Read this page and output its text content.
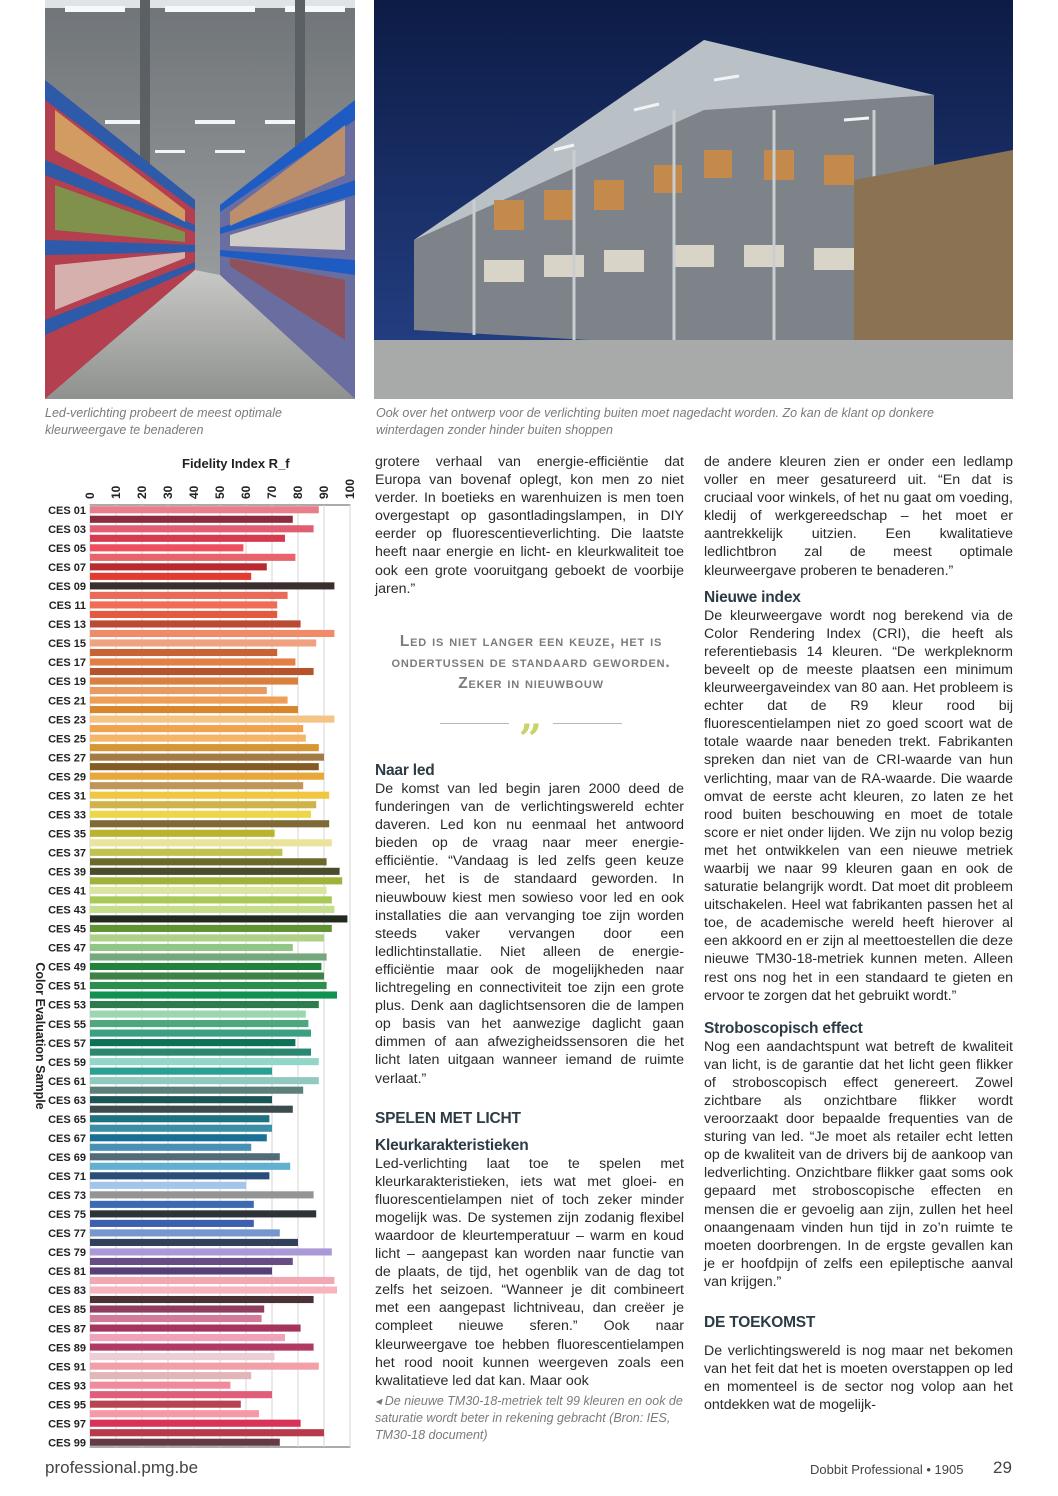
Led-verlichting probeert de meest optimale kleurweergave te benaderen
Ook over het ontwerp voor de verlichting buiten moet nagedacht worden. Zo kan de klant op donkere winterdagen zonder hinder buiten shoppen
Fidelity Index R_f
0 10 20 30 40 50 60 70 80 90 100
CES 01
CES 03
CES 05
CES 07
CES 09
CES 11
CES 13
CES 15
CES 17
CES 19
CES 21
CES 23
CES 25
CES 27
CES 29
CES 31
CES 33
CES 35
CES 37
CES 39
CES 41
CES 43
CES 45
CES 47
CES 49
CES 51
CES 53
CES 55
CES 57
CES 59
CES 61
CES 63
CES 65
CES 67
CES 69
CES 71
CES 73
CES 75
CES 77
CES 79
CES 81
CES 83
CES 85
CES 87
CES 89
CES 91
CES 93
CES 95
CES 97
CES 99
Color Evaluation Sample
◂ De nieuwe TM30-18-metriek telt 99 kleuren en ook de saturatie wordt beter in rekening gebracht (Bron: IES, TM30-18 document)

grotere verhaal van energie-efficiëntie dat Europa van bovenaf oplegt, kon men zo niet verder. In boetieks en warenhuizen is men toen overgestapt op gasontladingslampen, in DIY eerder op fluorescentieverlichting. Die laatste heeft naar energie en licht- en kleurkwaliteit toe ook een grote vooruitgang geboekt de voorbije jaren.”

Led is niet langer een keuze, het is ondertussen de standaard geworden. Zeker in nieuwbouw
„
Naar led

De komst van led begin jaren 2000 deed de funderingen van de verlichtingswereld echter daveren. Led kon nu eenmaal het antwoord bieden op de vraag naar meer energie-efficiëntie. “Vandaag is led zelfs geen keuze meer, het is de standaard geworden. In nieuwbouw kiest men sowieso voor led en ook installaties die aan vervanging toe zijn worden steeds vaker vervangen door een ledlichtinstallatie. Niet alleen de energie-efficiëntie maar ook de mogelijkheden naar lichtregeling en connectiviteit toe zijn een grote plus. Denk aan daglichtsensoren die de lampen op basis van het aanwezige daglicht gaan dimmen of aan afwezigheidssensoren die het licht laten uitgaan wanneer iemand de ruimte verlaat.”

SPELEN MET LICHT
Kleurkarakteristieken

Led-verlichting laat toe te spelen met kleurkarakteristieken, iets wat met gloei- en fluorescentielampen niet of toch zeker minder mogelijk was. De systemen zijn zodanig flexibel waardoor de kleurtemperatuur – warm en koud licht – aangepast kan worden naar functie van de plaats, de tijd, het ogenblik van de dag tot zelfs het seizoen. “Wanneer je dit combineert met een aangepast lichtniveau, dan creëer je compleet nieuwe sferen.” Ook naar kleurweergave toe hebben fluorescentielampen het rood nooit kunnen weergeven zoals een kwalitatieve led dat kan. Maar ook

de andere kleuren zien er onder een ledlamp voller en meer gesatureerd uit. “En dat is cruciaal voor winkels, of het nu gaat om voeding, kledij of werkgereedschap – het moet er aantrekkelijk uitzien. Een kwalitatieve ledlichtbron zal de meest optimale kleurweergave proberen te benaderen.”

Nieuwe index

De kleurweergave wordt nog berekend via de Color Rendering Index (CRI), die heeft als referentiebasis 14 kleuren. “De werkpleknorm beveelt op de meeste plaatsen een minimum kleurweergaveindex van 80 aan. Het probleem is echter dat de R9 kleur rood bij fluorescentielampen niet zo goed scoort wat de totale waarde naar beneden trekt. Fabrikanten spreken dan niet van de CRI-waarde van hun verlichting, maar van de RA-waarde. Die waarde omvat de eerste acht kleuren, zo laten ze het rood buiten beschouwing en moet de totale score er niet onder lijden. We zijn nu volop bezig met het ontwikkelen van een nieuwe metriek waarbij we naar 99 kleuren gaan en ook de saturatie belangrijk wordt. Dat moet dit probleem uitschakelen. Heel wat fabrikanten passen het al toe, de academische wereld heeft hierover al een akkoord en er zijn al meettoestellen die deze nieuwe TM30-18-metriek kunnen meten. Alleen rest ons nog het in een standaard te gieten en ervoor te zorgen dat het gebruikt wordt.”

Stroboscopisch effect

Nog een aandachtspunt wat betreft de kwaliteit van licht, is de garantie dat het licht geen flikker of stroboscopisch effect genereert. Zowel zichtbare als onzichtbare flikker wordt veroorzaakt door bepaalde frequenties van de sturing van led. “Je moet als retailer echt letten op de kwaliteit van de drivers bij de aankoop van ledverlichting. Onzichtbare flikker gaat soms ook gepaard met stroboscopische effecten en mensen die er gevoelig aan zijn, zullen het heel onaangenaam vinden hun tijd in zo’n ruimte te moeten doorbrengen. In de ergste gevallen kan je er hoofdpijn of zelfs een epileptische aanval van krijgen.”

DE TOEKOMST

De verlichtingswereld is nog maar net bekomen van het feit dat het is moeten overstappen op led en momenteel is de sector nog volop aan het ontdekken wat de mogelijk-

professional.pmg.be	Dobbit Professional • 1905 29
